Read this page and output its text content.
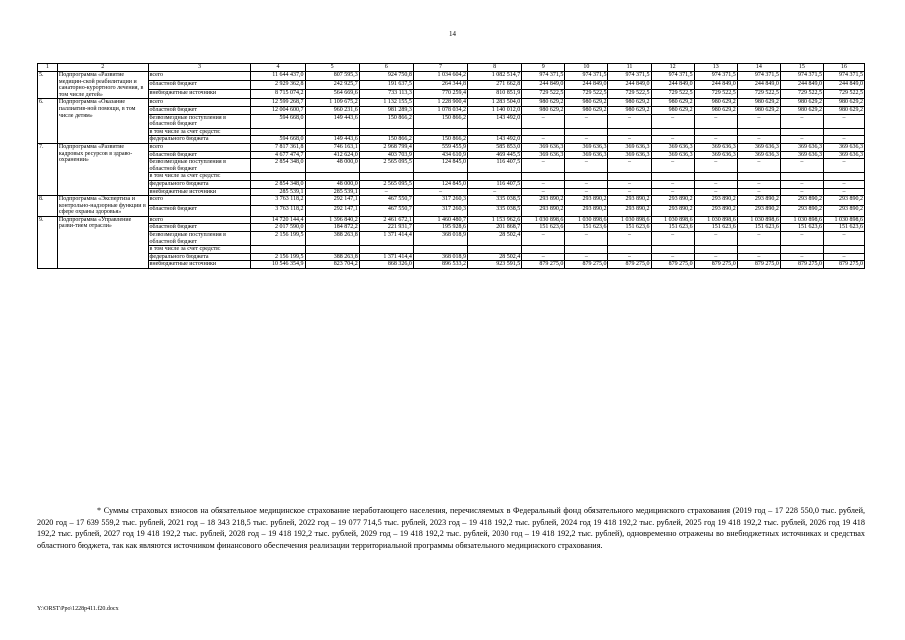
14
1	2	3	4	5	6	7	8	9	10	11	12	13	14	15	16
5.	Подпрограмма «Развитие медицин-ской реабилитации и санаторно-курортного лечения, в том числе детей»	всего	11 644 437,0	807 595,3	924 750,8	1 034 604,2	1 082 514,7	974 371,5	974 371,5	974 371,5	974 371,5	974 371,5	974 371,5	974 371,5	974 371,5
		областной бюджет	2 929 362,8	242 925,7	191 637,5	264 344,8	271 662,8	244 849,0	244 849,0	244 849,0	244 849,0	244 849,0	244 849,0	244 849,0	244 849,0
		внебюджетные источники	8 715 074,2	564 669,6	733 113,3	770 259,4	810 851,9	729 522,5	729 522,5	729 522,5	729 522,5	729 522,5	729 522,5	729 522,5	729 522,5
6.	Подпрограмма «Оказание паллиатив-ной помощи, в том числе детям»	всего	12 599 268,7	1 109 675,2	1 132 155,5	1 228 900,4	1 283 504,0	980 629,2	980 629,2	980 629,2	980 629,2	980 629,2	980 629,2	980 629,2	980 629,2
		областной бюджет	12 004 600,7	960 231,6	981 289,3	1 078 034,2	1 140 012,0	980 629,2	980 629,2	980 629,2	980 629,2	980 629,2	980 629,2	980 629,2	980 629,2
		безвозмездные поступления в областной бюджет	594 668,0	149 443,6	150 866,2	150 866,2	143 492,0	–	–	–	–	–	–	–	–
		в том числе за счет средств:													
		федерального бюджета	594 668,0	149 443,6	150 866,2	150 866,2	143 492,0	–	–	–	–	–	–	–	–
7.	Подпрограмма «Развитие кадровых ресурсов в здраво-охранении»	всего	7 817 361,8	746 163,1	2 968 799,4	559 455,9	585 853,0	369 636,3	369 636,3	369 636,3	369 636,3	369 636,3	369 636,3	369 636,3	369 636,3
		областной бюджет	4 677 474,7	412 624,0	403 703,9	434 610,9	469 445,5	369 636,3	369 636,3	369 636,3	369 636,3	369 636,3	369 636,3	369 636,3	369 636,3
		безвозмездные поступления в областной бюджет	2 854 348,0	48 000,0	2 565 095,5	124 845,0	116 407,5	–	–	–	–	–	–	–	–
		в том числе за счет средств:													
		федерального бюджета	2 854 348,0	48 000,0	2 565 095,5	124 845,0	116 407,5	–	–	–	–	–	–	–	–
		внебюджетные источники	285 539,1	285 539,1	–	–	–	–	–	–	–	–	–	–	–
8.	Подпрограмма «Экспертиза и контрольно-надзорные функции в сфере охраны здоровья»	всего	3 763 118,2	292 147,1	467 550,7	317 260,3	335 038,5	293 890,2	293 890,2	293 890,2	293 890,2	293 890,2	293 890,2	293 890,2	293 890,2
		областной бюджет	3 763 118,2	292 147,1	467 550,7	317 260,3	335 038,5	293 890,2	293 890,2	293 890,2	293 890,2	293 890,2	293 890,2	293 890,2	293 890,2
9.	Подпрограмма «Управление разви-тием отрасли»	всего	14 720 144,4	1 396 840,2	2 461 672,1	1 460 480,7	1 153 962,6	1 030 898,6	1 030 898,6	1 030 898,6	1 030 898,6	1 030 898,6	1 030 898,6	1 030 898,6	1 030 898,6
		областной бюджет	2 017 590,0	184 872,2	221 931,7	195 928,6	201 868,7	151 623,6	151 623,6	151 623,6	151 623,6	151 623,6	151 623,6	151 623,6	151 623,6
		безвозмездные поступления в областной бюджет	2 156 199,5	388 263,8	1 371 414,4	368 018,9	28 502,4	–	–	–	–	–	–	–	–
		в том числе за счет средств:													
		федерального бюджета	2 156 199,5	388 263,8	1 371 414,4	368 018,9	28 502,4	–	–	–	–	–	–	–	–
		внебюджетные источники	10 546 354,9	823 704,2	868 326,0	896 533,2	923 591,5	879 275,0	879 275,0	879 275,0	879 275,0	879 275,0	879 275,0	879 275,0	879 275,0

* Суммы страховых взносов на обязательное медицинское страхование неработающего населения, перечисляемых в Федеральный фонд обязательного медицинского страхования (2019 год – 17 228 550,0 тыс. рублей, 2020 год – 17 639 559,2 тыс. рублей, 2021 год – 18 343 218,5 тыс. рублей, 2022 год – 19 077 714,5 тыс. рублей, 2023 год – 19 418 192,2 тыс. рублей, 2024 год 19 418 192,2 тыс. рублей, 2025 год 19 418 192,2 тыс. рублей, 2026 год 19 418 192,2 тыс. рублей, 2027 год 19 418 192,2 тыс. рублей, 2028 год – 19 418 192,2 тыс. рублей, 2029 год – 19 418 192,2 тыс. рублей, 2030 год – 19 418 192,2 тыс. рублей), одновременно отражены во внебюджетных источниках и средствах областного бюджета, так как являются источником финансового обеспечения реализации территориальной программы обязательного медицинского страхования.

Y:\ORST\Ppo\1228p411.f20.docx
